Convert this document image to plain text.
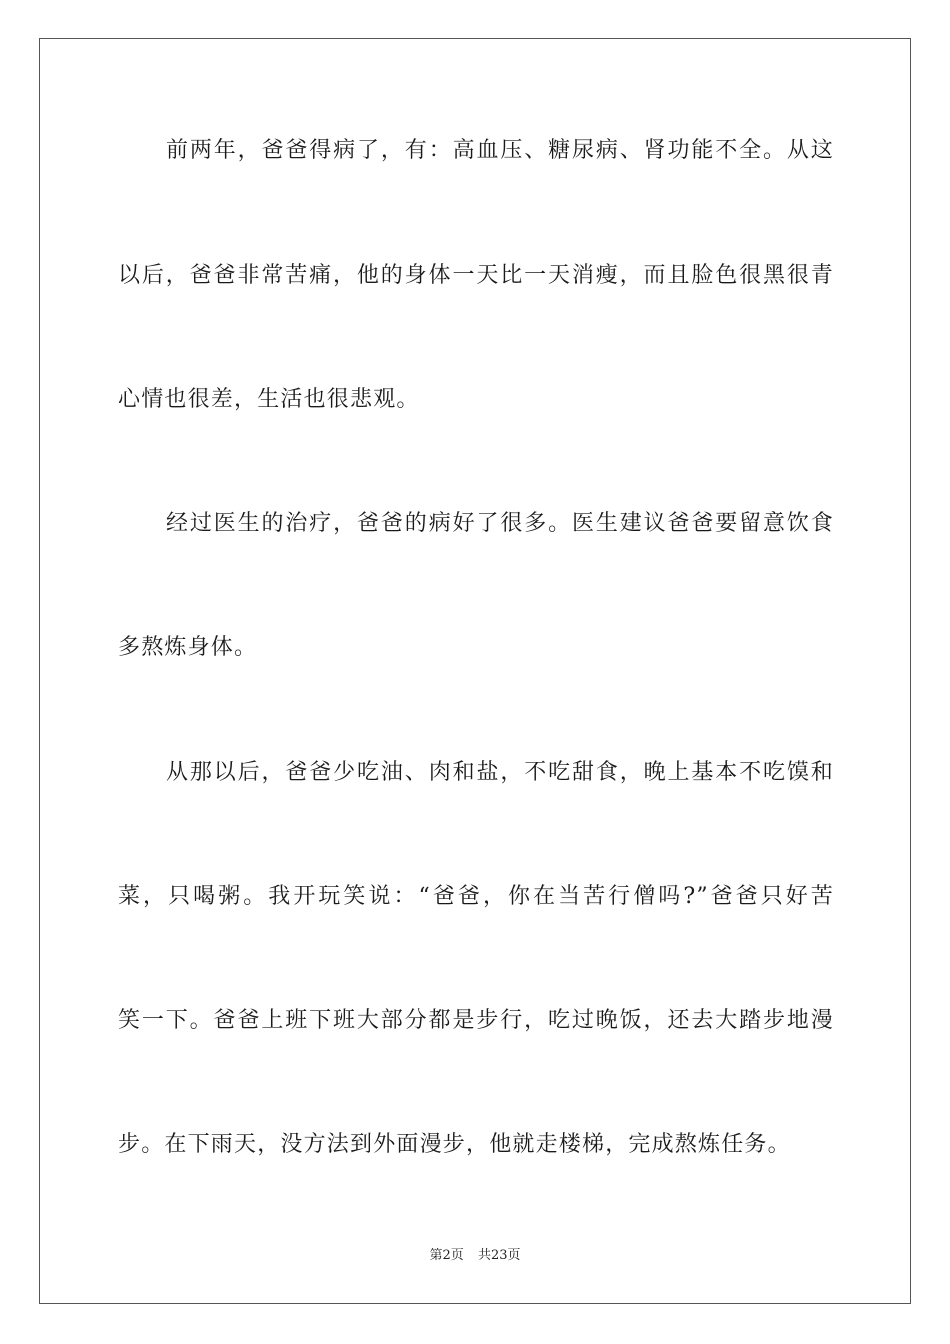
前两年，爸爸得病了，有：高血压、糖尿病、肾功能不全。从这
以后，爸爸非常苦痛，他的身体一天比一天消瘦，而且脸色很黑很青
心情也很差，生活也很悲观。
经过医生的治疗，爸爸的病好了很多。医生建议爸爸要留意饮食
多熬炼身体。
从那以后，爸爸少吃油、肉和盐，不吃甜食，晚上基本不吃馍和
菜，只喝粥。我开玩笑说：“爸爸，你在当苦行僧吗?”爸爸只好苦
笑一下。爸爸上班下班大部分都是步行，吃过晚饭，还去大踏步地漫
步。在下雨天，没方法到外面漫步，他就走楼梯，完成熬炼任务。
第2页 共23页
